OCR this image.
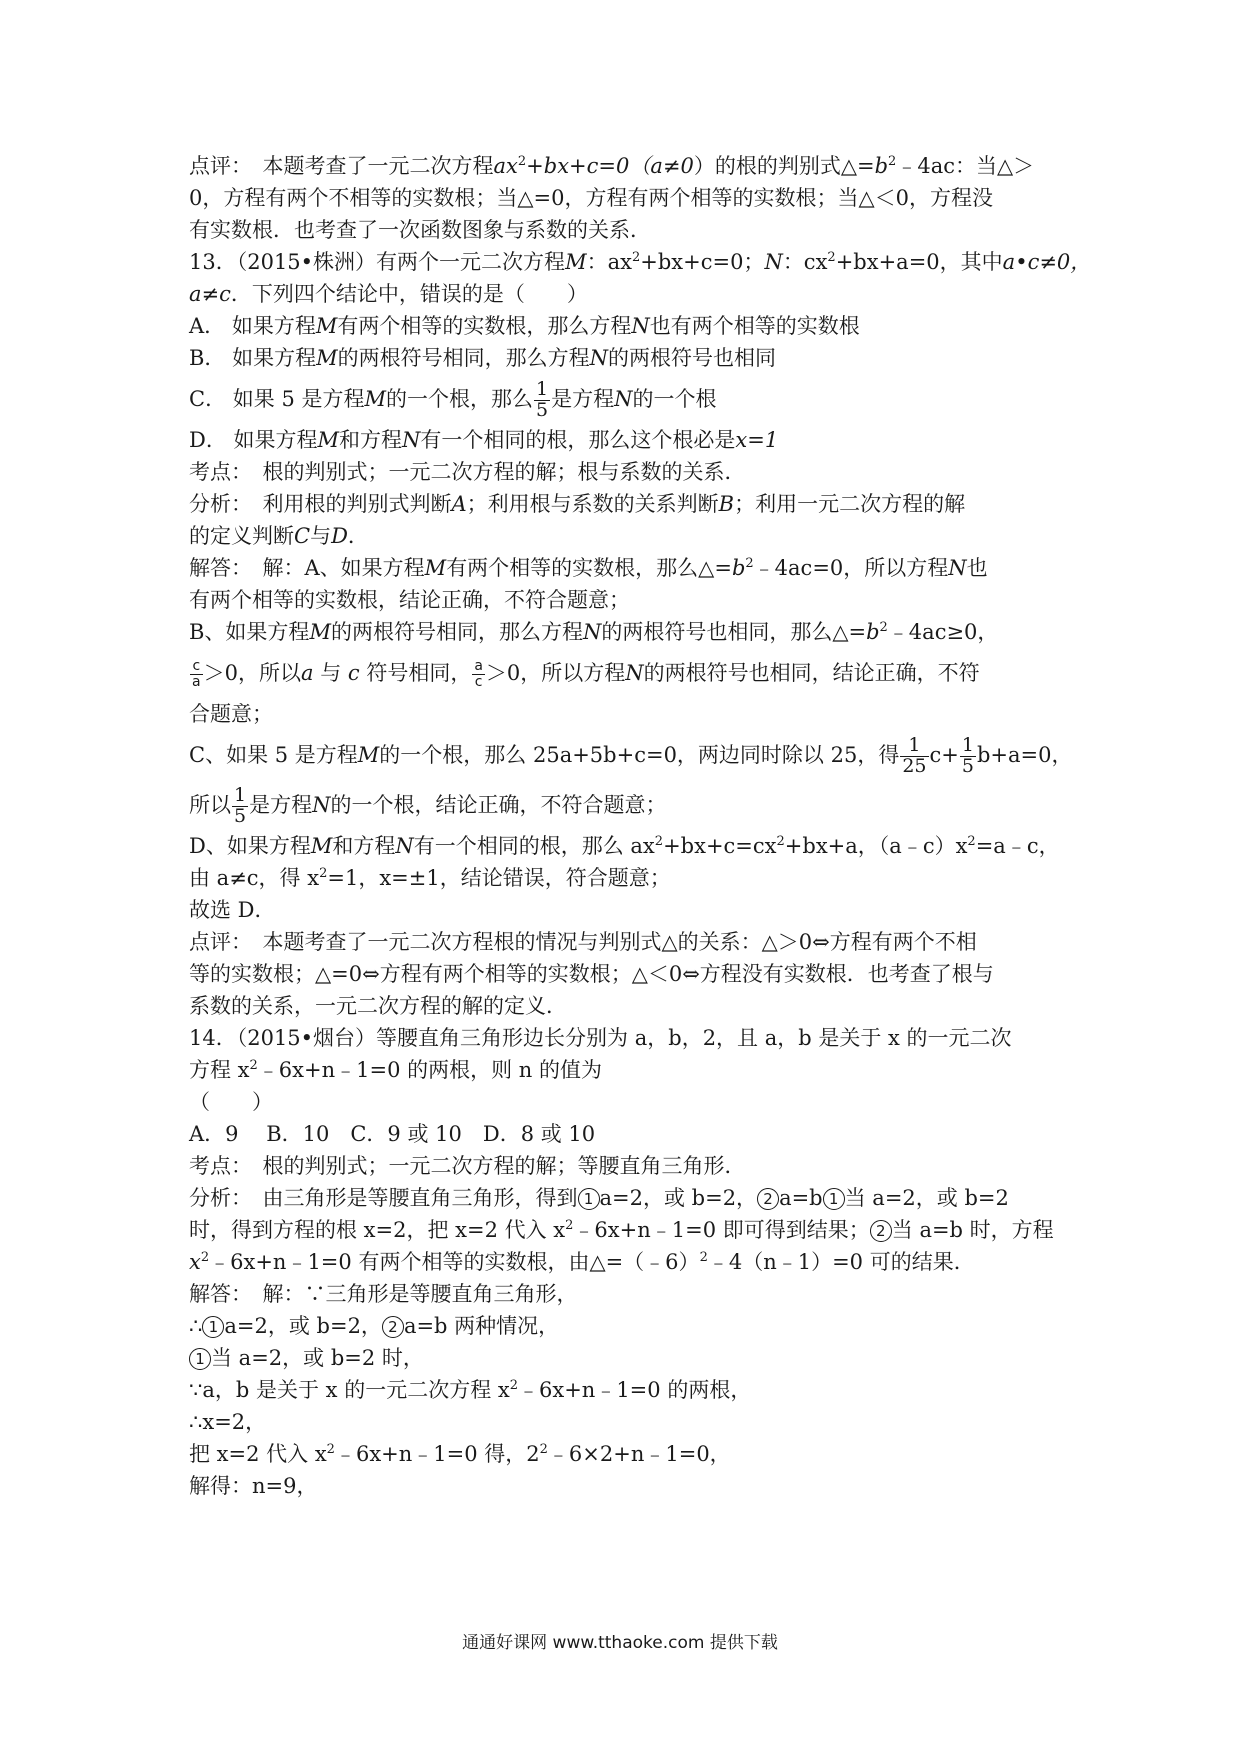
点评：　 本题考查了一元二次方程$ax^2+bx+c=0(a\ne 0)$的根的判别式$\triangle=b^2﹣4ac$：当△＞
0，方程有两个不相等的实数根；当△=0，方程有两个相等的实数根；当△＜0，方程没
有实数根．也考查了一次函数图象与系数的关系．
13．（2015•株洲）有两个一元二次方程M：$ax^2+bx+c=0$；N：$cx^2+bx+a=0$，其中a•c≠0，
a≠c．下列四个结论中，错误的是（　　）
A． 如果方程M有两个相等的实数根，那么方程N也有两个相等的实数根
B． 如果方程M的两根符号相同，那么方程N的两根符号也相同
C． 如果 5 是方程M的一个根，那么 $\frac{1}{5}$ 是方程N的一个根
D． 如果方程M和方程N有一个相同的根，那么这个根必是x=1
考点：　 根的判别式；一元二次方程的解；根与系数的关系．
分析：　 利用根的判别式判断A；利用根与系数的关系判断B；利用一元二次方程的解
的定义判断C与D．
解答：　 解：A、如果方程M有两个相等的实数根，那么$\triangle=b^2﹣4ac=0$，所以方程N也
有两个相等的实数根，结论正确，不符合题意；
B、如果方程M的两根符号相同，那么方程N的两根符号也相同，那么$\triangle=b^2﹣4ac\ge 0$，
$\frac{c}{a} >0$，所以a 与 c 符号相同， $\frac{a}{c} >0$，所以方程N的两根符号也相同，结论正确，不符
合题意；
C、如果 5 是方程M的一个根，那么 25a+5b+c=0，两边同时除以 25，得 $\frac{1}{25} c+ \frac{1}{5} b+a=0$，
所以 $\frac{1}{5}$ 是方程N的一个根，结论正确，不符合题意；
D、如果方程M和方程N有一个相同的根，那么 $ax^2+bx+c=cx^2+bx+a$，$(a﹣c)x^2=a﹣c$，
由 a≠c，得 $x^2=1$，x=±1，结论错误，符合题意；
故选 D．
点评：　 本题考查了一元二次方程根的情况与判别式△的关系：△＞0⇔方程有两个不相
等的实数根；△=0⇔方程有两个相等的实数根；△＜0⇔方程没有实数根．也考查了根与
系数的关系，一元二次方程的解的定义．
14．（2015•烟台）等腰直角三角形边长分别为 a，b，2，且 a，b 是关于 x 的一元二次
方程 $x^2﹣6x+n﹣1=0$ 的两根，则 n 的值为
（　　）
A．9　 B．10　C．9 或 10　D．8 或 10
考点：　 根的判别式；一元二次方程的解；等腰直角三角形．
分析：　 由三角形是等腰直角三角形，得到 1 a=2，或 b=2， 2 a=b 1 当 a=2，或 b=2
时，得到方程的根 x=2，把 x=2 代入 $x^2﹣6x+n﹣1=0$ 即可得到结果； 2 当 a=b 时，方程
$x^2﹣6x+n﹣1=0$ 有两个相等的实数根，由△=（﹣6）$^2$﹣4（n﹣1）=0 可的结果．
解答：　 解：∵三角形是等腰直角三角形，
∴ 1 a=2，或 b=2， 2 a=b 两种情况，
1 当 a=2，或 b=2 时，
∵a，b 是关于 x 的一元二次方程 $x^2﹣6x+n﹣1=0$ 的两根，
∴x=2，
把 x=2 代入 $x^2﹣6x+n﹣1=0$ 得，$2^2﹣6\times 2+n﹣1=0$，
解得：n=9，
通通好课网 www.tthaoke.com 提供下载
